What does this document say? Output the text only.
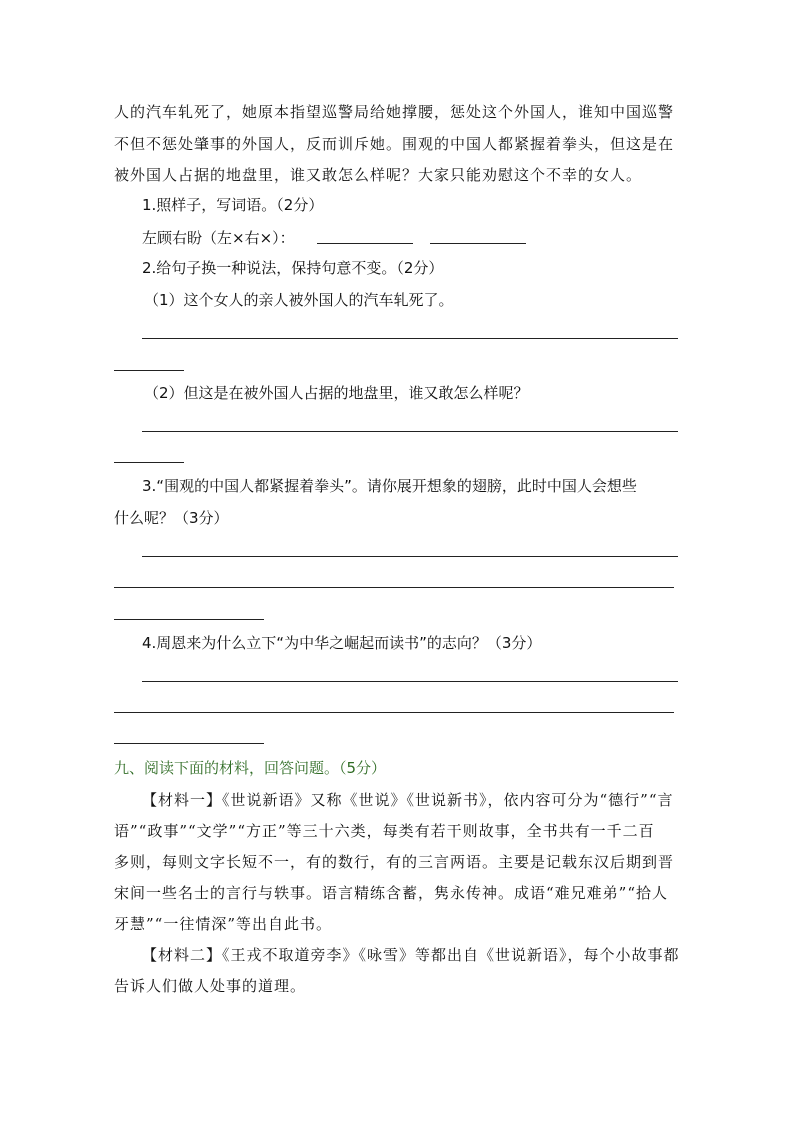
人的汽车轧死了，她原本指望巡警局给她撑腰，惩处这个外国人，谁知中国巡警
不但不惩处肇事的外国人，反而训斥她。围观的中国人都紧握着拳头，但这是在
被外国人占据的地盘里，谁又敢怎么样呢？大家只能劝慰这个不幸的女人。
1.照样子，写词语。（2分）
左顾右盼（左×右×）：
2.给句子换一种说法，保持句意不变。（2分）
（1）这个女人的亲人被外国人的汽车轧死了。
（2）但这是在被外国人占据的地盘里，谁又敢怎么样呢？
3.“围观的中国人都紧握着拳头”。请你展开想象的翅膀，此时中国人会想些
什么呢？（3分）
4.周恩来为什么立下“为中华之崛起而读书”的志向？（3分）
九、阅读下面的材料，回答问题。（5分）
【材料一】《世说新语》又称《世说》《世说新书》，依内容可分为“德行”“言
语”“政事”“文学”“方正”等三十六类，每类有若干则故事，全书共有一千二百
多则，每则文字长短不一，有的数行，有的三言两语。主要是记载东汉后期到晋
宋间一些名士的言行与轶事。语言精练含蓄，隽永传神。成语“难兄难弟”“拾人
牙慧”“一往情深”等出自此书。
【材料二】《王戎不取道旁李》《咏雪》等都出自《世说新语》，每个小故事都
告诉人们做人处事的道理。
